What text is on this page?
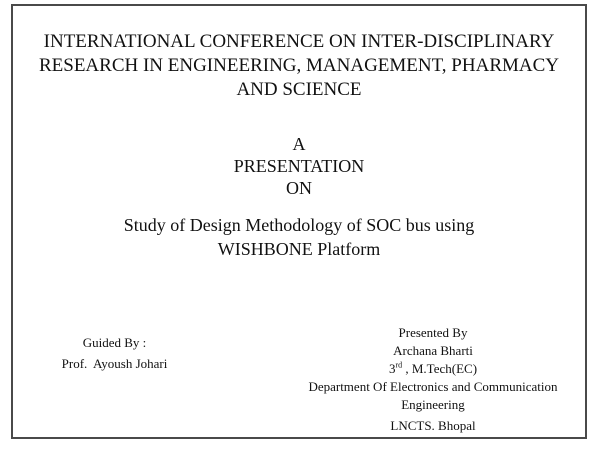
INTERNATIONAL CONFERENCE ON INTER-DISCIPLINARY
RESEARCH IN ENGINEERING, MANAGEMENT, PHARMACY
AND SCIENCE
A
PRESENTATION
ON
Study of Design Methodology of SOC bus using
WISHBONE Platform
Guided By :
Prof.  Ayoush Johari
Presented By
Archana Bharti
3rd , M.Tech(EC)
Department Of Electronics and Communication
Engineering
LNCTS. Bhopal
